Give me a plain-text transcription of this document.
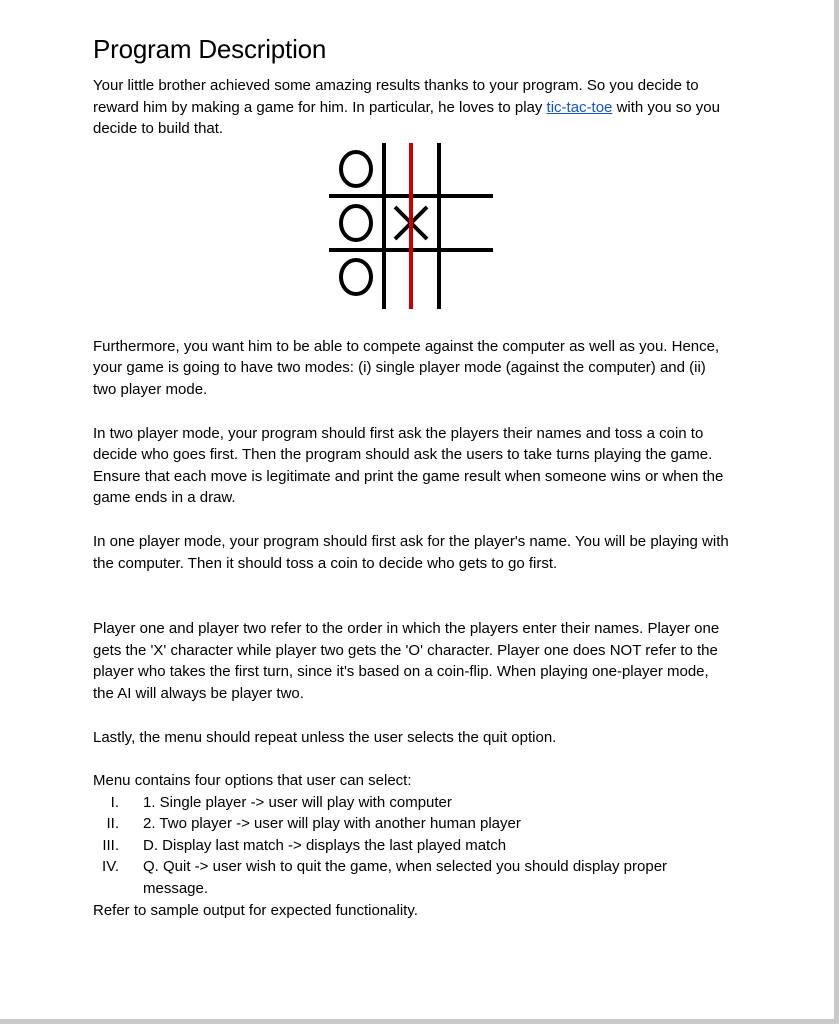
Program Description

Your little brother achieved some amazing results thanks to your program. So you decide to reward him by making a game for him. In particular, he loves to play tic-tac-toe with you so you decide to build that.

Furthermore, you want him to be able to compete against the computer as well as you. Hence, your game is going to have two modes: (i) single player mode (against the computer) and (ii) two player mode.

In two player mode, your program should first ask the players their names and toss a coin to decide who goes first. Then the program should ask the users to take turns playing the game. Ensure that each move is legitimate and print the game result when someone wins or when the game ends in a draw.

In one player mode, your program should first ask for the player's name. You will be playing with the computer. Then it should toss a coin to decide who gets to go first.

Player one and player two refer to the order in which the players enter their names. Player one gets the 'X' character while player two gets the 'O' character. Player one does NOT refer to the player who takes the first turn, since it's based on a coin-flip. When playing one-player mode, the AI will always be player two.

Lastly, the menu should repeat unless the user selects the quit option.

Menu contains four options that user can select:

I. 1. Single player -> user will play with computer
II. 2. Two player -> user will play with another human player
III. D. Display last match -> displays the last played match
IV. Q. Quit -> user wish to quit the game, when selected you should display proper message.

Refer to sample output for expected functionality.
